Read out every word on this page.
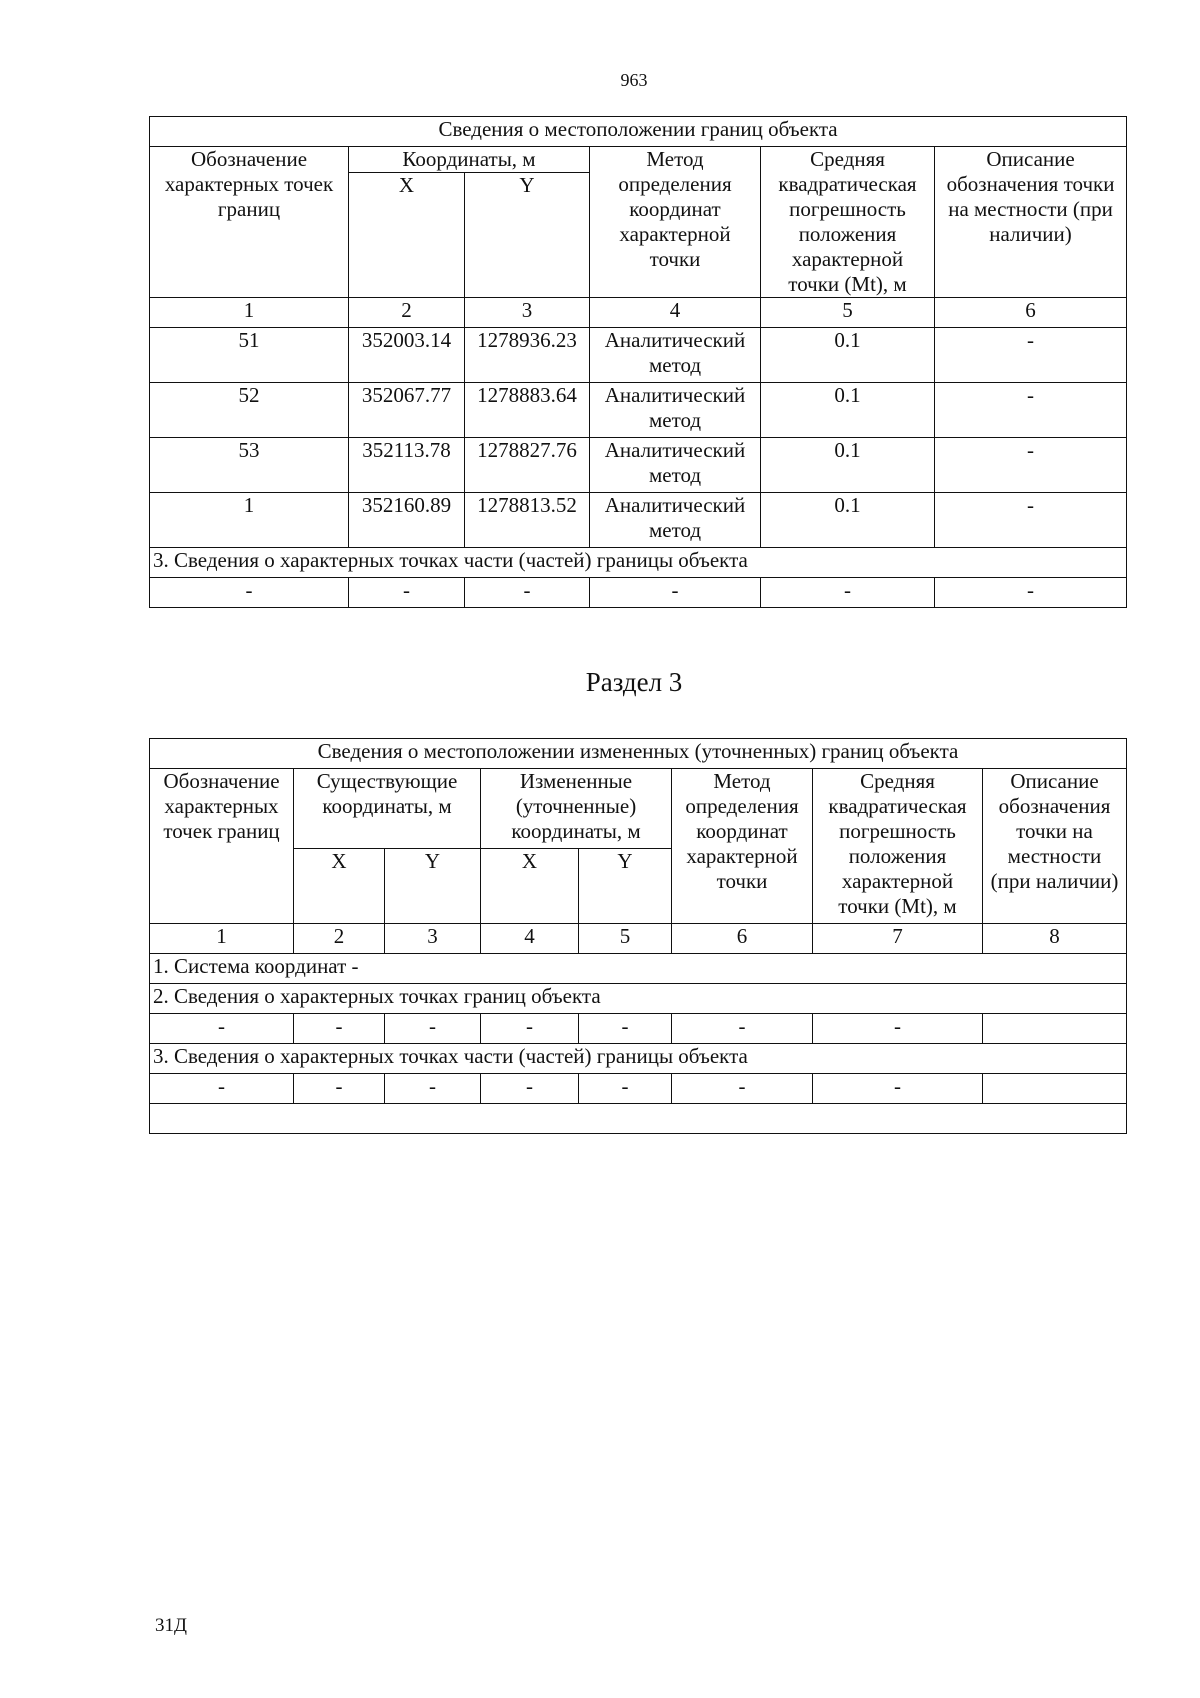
963
Сведения о местоположении границ объекта					
Обозначение характерных точек границ	Координаты, м		Метод определения координат характерной точки	Средняя квадратическая погрешность положения характерной точки (Mt), м	Описание обозначения точки на местности (при наличии)
	X	Y			
1	2	3	4	5	6
51	352003.14	1278936.23	Аналитический метод	0.1	-
52	352067.77	1278883.64	Аналитический метод	0.1	-
53	352113.78	1278827.76	Аналитический метод	0.1	-
1	352160.89	1278813.52	Аналитический метод	0.1	-
3. Сведения о характерных точках части (частей) границы объекта					
-	-	-	-	-	-
Раздел 3
Сведения о местоположении измененных (уточненных) границ объекта							
Обозначение характерных точек границ	Существующие координаты, м		Измененные (уточненные) координаты, м		Метод определения координат характерной точки	Средняя квадратическая погрешность положения характерной точки (Mt), м	Описание обозначения точки на местности (при наличии)
	X	Y	X	Y			
1	2	3	4	5	6	7	8
1. Система координат -							
2. Сведения о характерных точках границ объекта							
-	-	-	-	-	-	-	
3. Сведения о характерных точках части (частей) границы объекта							
-	-	-	-	-	-	-	

31Д
